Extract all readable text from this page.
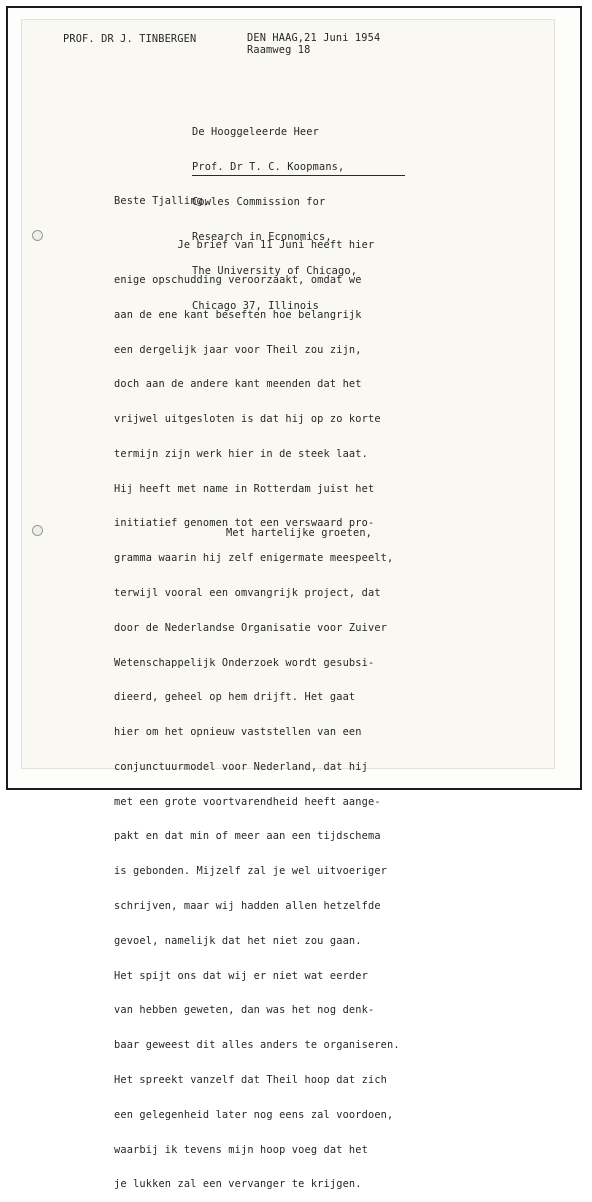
PROF. DR J. TINBERGEN	DEN HAAG,21 Juni 1954
Raamweg 18

De Hooggeleerde Heer

Prof. Dr T. C. Koopmans,

Cowles Commission for

Research in Economics,

The University of Chicago,

Chicago 37, Illinois

Beste Tjalling,

Je brief van 11 Juni heeft hier

enige opschudding veroorzaakt, omdat we

aan de ene kant beseften hoe belangrijk

een dergelijk jaar voor Theil zou zijn,

doch aan de andere kant meenden dat het

vrijwel uitgesloten is dat hij op zo korte

termijn zijn werk hier in de steek laat.

Hij heeft met name in Rotterdam juist het

initiatief genomen tot een verswaard pro-

gramma waarin hij zelf enigermate meespeelt,

terwijl vooral een omvangrijk project, dat

door de Nederlandse Organisatie voor Zuiver

Wetenschappelijk Onderzoek wordt gesubsi-

dieerd, geheel op hem drijft. Het gaat

hier om het opnieuw vaststellen van een

conjunctuurmodel voor Nederland, dat hij

met een grote voortvarendheid heeft aange-

pakt en dat min of meer aan een tijdschema

is gebonden. Mijzelf zal je wel uitvoeriger

schrijven, maar wij hadden allen hetzelfde

gevoel, namelijk dat het niet zou gaan.

Het spijt ons dat wij er niet wat eerder

van hebben geweten, dan was het nog denk-

baar geweest dit alles anders te organiseren.

Het spreekt vanzelf dat Theil hoop dat zich

een gelegenheid later nog eens zal voordoen,

waarbij ik tevens mijn hoop voeg dat het

je lukken zal een vervanger te krijgen.

Met hartelijke groeten,
